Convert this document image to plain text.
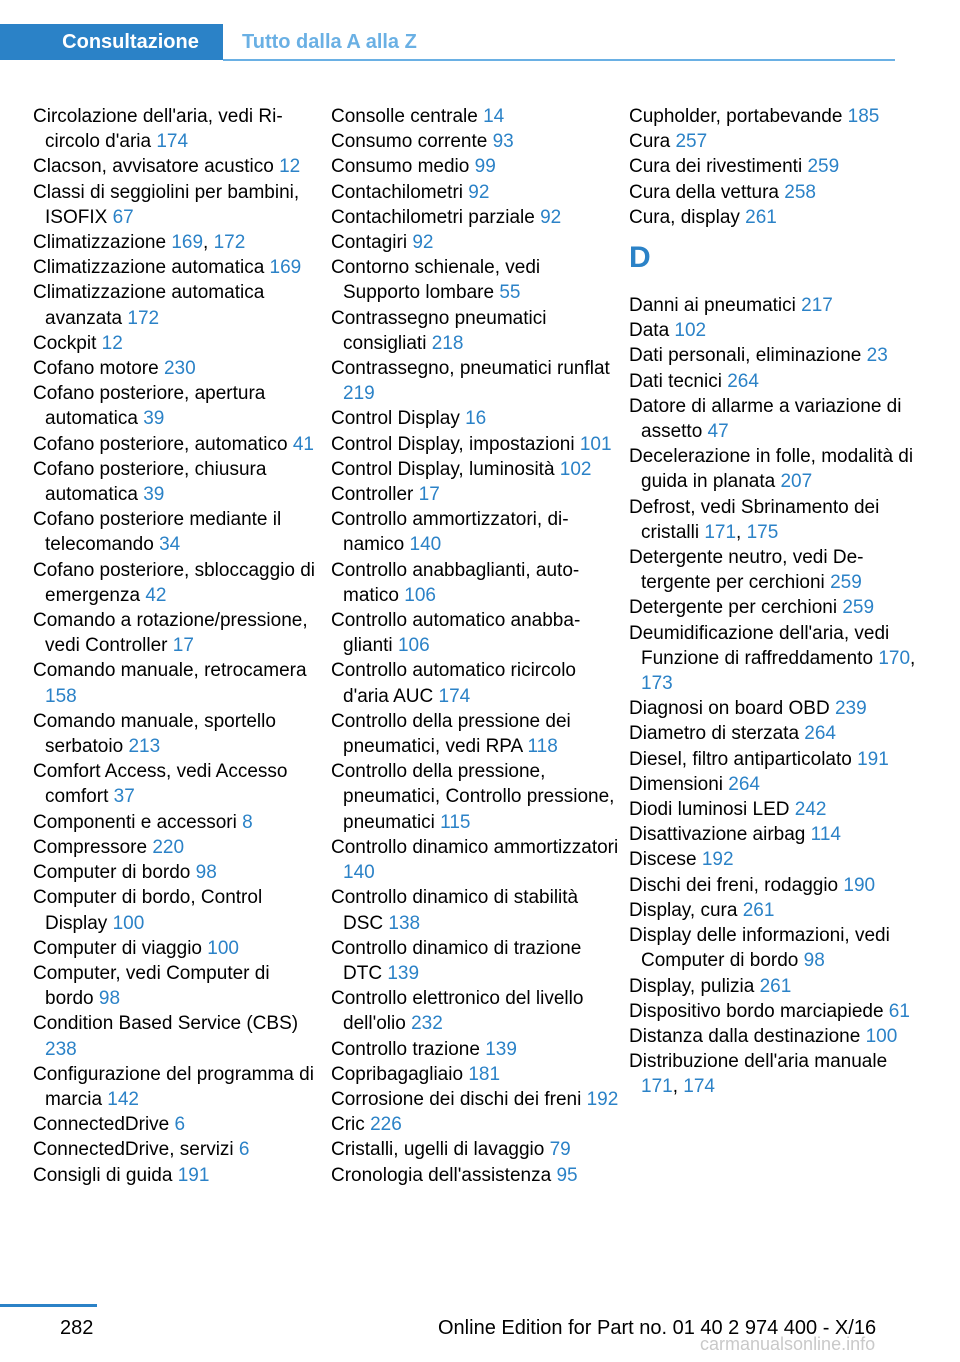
Consultazione	Tutto dalla A alla Z
Circolazione dell'aria, vedi Ricircolo d'aria 174
Clacson, avvisatore acustico 12
Classi di seggiolini per bambini, ISOFIX 67
Climatizzazione 169, 172
Climatizzazione automatica 169
Climatizzazione automatica avanzata 172
Cockpit 12
Cofano motore 230
Cofano posteriore, apertura automatica 39
Cofano posteriore, automatico 41
Cofano posteriore, chiusura automatica 39
Cofano posteriore mediante il telecomando 34
Cofano posteriore, sbloccaggio di emergenza 42
Comando a rotazione/pressione, vedi Controller 17
Comando manuale, retrocamera 158
Comando manuale, sportello serbatoio 213
Comfort Access, vedi Accesso comfort 37
Componenti e accessori 8
Compressore 220
Computer di bordo 98
Computer di bordo, Control Display 100
Computer di viaggio 100
Computer, vedi Computer di bordo 98
Condition Based Service (CBS) 238
Configurazione del programma di marcia 142
ConnectedDrive 6
ConnectedDrive, servizi 6
Consigli di guida 191
Consolle centrale 14
Consumo corrente 93
Consumo medio 99
Contachilometri 92
Contachilometri parziale 92
Contagiri 92
Contorno schienale, vedi Supporto lombare 55
Contrassegno pneumatici consigliati 218
Contrassegno, pneumatici runflat 219
Control Display 16
Control Display, impostazioni 101
Control Display, luminosità 102
Controller 17
Controllo ammortizzatori, dinamico 140
Controllo anabbaglianti, automatico 106
Controllo automatico anabbaglianti 106
Controllo automatico ricircolo d'aria AUC 174
Controllo della pressione dei pneumatici, vedi RPA 118
Controllo della pressione, pneumatici, Controllo pressione, pneumatici 115
Controllo dinamico ammortizzatori 140
Controllo dinamico di stabilità DSC 138
Controllo dinamico di trazione DTC 139
Controllo elettronico del livello dell'olio 232
Controllo trazione 139
Copribagagliaio 181
Corrosione dei dischi dei freni 192
Cric 226
Cristalli, ugelli di lavaggio 79
Cronologia dell'assistenza 95
Cupholder, portabevande 185
Cura 257
Cura dei rivestimenti 259
Cura della vettura 258
Cura, display 261
D
Danni ai pneumatici 217
Data 102
Dati personali, eliminazione 23
Dati tecnici 264
Datore di allarme a variazione di assetto 47
Decelerazione in folle, modalità di guida in planata 207
Defrost, vedi Sbrinamento dei cristalli 171, 175
Detergente neutro, vedi Detergente per cerchioni 259
Detergente per cerchioni 259
Deumidificazione dell'aria, vedi Funzione di raffreddamento 170, 173
Diagnosi on board OBD 239
Diametro di sterzata 264
Diesel, filtro antiparticolato 191
Dimensioni 264
Diodi luminosi LED 242
Disattivazione airbag 114
Discese 192
Dischi dei freni, rodaggio 190
Display, cura 261
Display delle informazioni, vedi Computer di bordo 98
Display, pulizia 261
Dispositivo bordo marciapiede 61
Distanza dalla destinazione 100
Distribuzione dell'aria manuale 171, 174
282	Online Edition for Part no. 01 40 2 974 400 - X/16
carmanualsonline.info
